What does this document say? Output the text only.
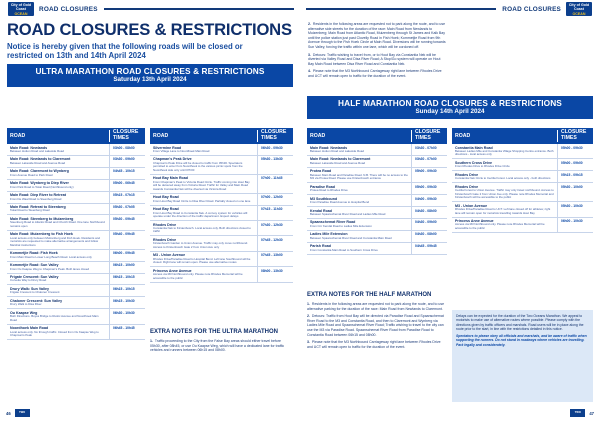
City of Gold Coast
OCEAN
ROAD CLOSURES
ROAD CLOSURES & RESTRICTIONS
Notice is hereby given that the following roads will be closed or restricted on 13th and 14th April 2024
ULTRA MARATHON ROAD CLOSURES & RESTRICTIONS
Saturday 13th April 2024
ROAD
CLOSURE TIMES
Main Road: Newlands
Between Hutton Road and Lakeside Road
03h00 - 08h00
Main Road: Newlands to Claremont
Between Lakeside Road and Avenue Road
03h30 - 09h00
Main Road: Claremont to Wynberg
From Avenue Road to Park Road
04h45 - 10h15
Main Road: Wynberg to Diep River
From Park Road to Tokai Road (Northbound only)
05h00 - 06h45
Main Road: Diep River to Retreat
From De Waal Road to Steenberg Road
05h15 - 07h15
Main Road: Retreat to Steenberg
Tokai Road to Steenberg Road
05h30 - 07h05
Main Road: Steenberg to Muizenberg
Steenberg Road to Atlantic Road and Church Road. One lane Northbound remains open
05h30 - 09h45
Main Road: Muizenberg to Fish Hoek
Local access only between Muizenberg and Fish Hoek. Residents and motorists are requested to make alternative arrangements and follow Marshal instructions
05h40 - 09h45
Kommetjie Road: Fish Hoek
From Main Road to Lower Long Beach Road. Local access only
06h00 - 09h45
Kommetjie Road: Sun Valley
From Ou Kaapse Weg to Chapman's Peak. Both lanes closed
06h15 - 10h00
Frigate Crescent: Sun Valley
Corvette Way to Drury Road
06h15 - 10h15
Drury Walk: Sun Valley
Frigate Crescent to Chaloner Crescent
06h15 - 10h15
Chaloner Crescent: Sun Valley
Drury Walk to Disa River
06h15 - 10h30
Ou Kaapse Weg
Both Directions. Boyes Bridge to Rustic Avenue and Noordhoek Main Road
06h30 - 10h30
Noordhoek Main Road
Local access only. No through traffic. Closed from Ou Kaapse Weg to Chapman's Peak
06h45 - 10h45
ROAD
CLOSURE TIMES
Silvermine Road
From Village Lane to Noordhoek Main Road
06h30 - 09h30
Chapman's Peak Drive
Chapman's Peak Drive will be closed to traffic from 05h30. Spectators permitted to enter from Noordhoek to the various picnic spots from the Noordhoek side only until 07h00
05h30 - 13h30
Hout Bay Main Road
From Chapman's Peak to Victoria Road Circle. Traffic coming into Hout Bay will be detoured away from Victoria Road. Traffic for Valley and Main Road towards Constantia Nek will be diverted via Victoria Road
07h00 - 11h45
Hout Bay Road
From Hout Bay Road Circle to Disa River Road. Partially closed on one lane
07h00 - 12h00
Hout Bay Road
From Hout Bay Road to Constantia Nek. A convoy system for vehicles will operate under the direction of the traffic department. Expect delays
07h15 - 11h30
Rhodes Drive
Constantia Nek to Kirstenbosch. Local access only. Both directions closed to traffic
07h30 - 12h30
Rhodes Drive
Kirstenbosch Garden to Union Avenue. Traffic may only move northbound. Access to Kirstenbosch Gate 2 from Union Ave only
07h45 - 12h30
M3 - Union Avenue
Rhodes Drive/Paradise Road to Hospital Bend. Left lane Southbound will be closed. Right lane will remain open. Please use alternative routes
07h45 - 13h00
Princess Anne Avenue
Access via M3 Northbound only. Please note Rhodes Memorial will be accessible to the public
08h00 - 13h30
EXTRA NOTES FOR THE ULTRA MARATHON

1. Traffic proceeding to the City from the False Bay areas should either travel before 05h30, after 08h45, or use Ou Kaapse Weg, which will have a dedicated lane for traffic vehicles and runners between 06h15 and 08h00.

46	TWO OCEANS
ROAD CLOSURES
City of Gold Coast
OCEAN

2. Residents in the following areas are requested not to park along the route, and to use alternative side streets for the duration of the race: Main Road from Newlands to Muizenberg; Main Road from Atlantic Road, Muizenberg through St James and Kalk Bay until the police station just past Clovelly Road in Fish Hoek; Kommetjie Road from 9th Avenue through to the Fish Hoek Circle at Main Road. Diversions will be running towards Sun Valley, forcing the traffic within one lane, which will be cordoned off.

3. Detours: Traffic wishing to travel from, or to Hout Bay via Constantia Nek will be diverted via Valley Road and Disa River Road; A Stop/Go system will operate on Hout Bay Main Road between Disa River Road and Constantia Nek.

4. Please note that the M3 Northbound Carriageway right lane between Rhodes Drive and UCT will remain open to traffic for the duration of the event.

HALF MARATHON ROAD CLOSURES & RESTRICTIONS
Sunday 14th April 2024
ROAD
CLOSURE TIMES
Main Road: Newlands
Between Hutton Road and Lakeside Road
03h30 - 07h00
Main Road: Newlands to Claremont
Between Lakeside Road and Avenue Road
03h30 - 07h00
Protea Road
Between Main Road and Paradise Road. N.B. There will be no access to the M3 via Protea Road. Please use Kirstenbosch entrance
05h00 - 09h30
Paradise Road
Protea Road to Rhodes Drive
05h00 - 09h30
M3 Southbound
From Paradise Road Avenue to Hospital Bend
04h00 - 09h30
Kendal Road
Between Spaanschemat River Road and Ladies Mile Road
04h30 - 08h00
Spaanschemat River Road
From Cnr Kendal Road to Ladies Mile Extension
04h30 - 09h00
Ladies Mile Extension
Between Spaanschemat River Road and Constantia Main Road
04h30 - 08h00
Parish Road
From Constantia Main Road to Southern Cross Drive
04h45 - 09h45
ROAD
CLOSURE TIMES
Constantia Main Road
Between Ladies Mile and Constantia Village Shopping Centre entrance. Both directions - local access only
05h00 - 09h30
Southern Cross Drive
From Rhodes Drive to Rhodes Drive Circle
05h00 - 09h00
Rhodes Drive
Constantia Nek Circle to Cecilia Forest. Local access only - both directions
05h15 - 09h15
Rhodes Drive
Cecilia Forest to Union Avenue. Traffic may only travel northbound. Access to Kirstenbosch Gate 2 from Union Ave only. Please note Rhodes Memorial and Kirstenbosch will be accessible to the public
05h30 - 10h00
M3 - Union Avenue
Rhodes Drive/Paradise Road to UCT. Left lane closed off for athletes; right lane will remain open for motorists travelling towards Hout Bay
05h30 - 10h30
Princess Anne Avenue
Access via M3 Northbound only. Please note Rhodes Memorial will be accessible to the public
06h00 - 10h30
EXTRA NOTES FOR THE HALF MARATHON

1. Residents in the following areas are requested not to park along the route, and to use alternative parking for the duration of the race: Main Road from Newlands to Claremont.

2. Detours: Traffic from Hout Bay will be directed via Paradise Road and Spaanschemat River Road to the M3 and Constantia Road, and then to Claremont and Wynberg via Ladies Mile Road and Spaanschemat River Road; Traffic wishing to travel to the city can use the M3 via Paradise Road. Spaanschemat River Road from Paradise Road to Constantia Road between 06h15 and 08h00.

3. Please note that the M3 Northbound Carriageway right lane between Rhodes Drive and UCT will remain open to traffic for the duration of the event.

Delays can be expected for the duration of the Two Oceans Marathon. We appeal to motorists to make use of alternative routes where possible. Please comply with the directions given by traffic officers and marshals. Road users will be in place along the route prior to the start, in line with the restrictions detailed in this notice.
Spectators to please obey all officials and marshals, and be aware of traffic when supporting the runners. Do not stand in roadways where vehicles are travelling. Park legally and considerately.
TWO OCEANS
47
